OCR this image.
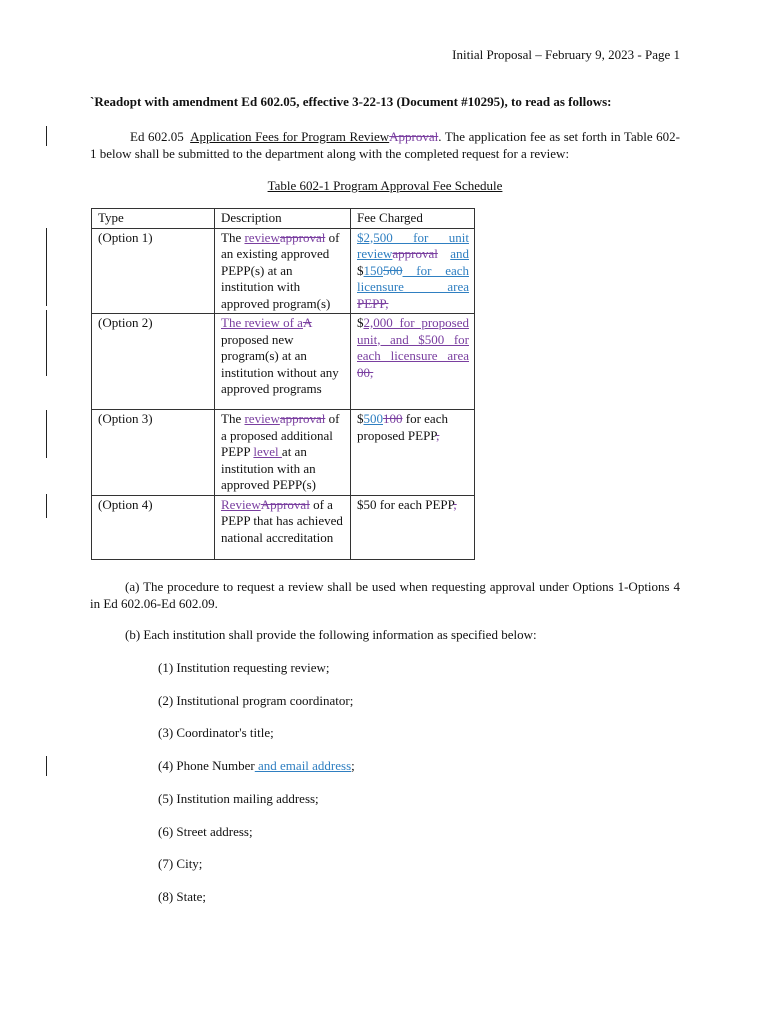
Initial Proposal – February 9, 2023 - Page 1
`Readopt with amendment Ed 602.05, effective 3-22-13 (Document #10295), to read as follows:
Ed 602.05 Application Fees for Program ReviewApproval. The application fee as set forth in Table 602-1 below shall be submitted to the department along with the completed request for a review:
Table 602-1 Program Approval Fee Schedule
Type	Description	Fee Charged
(Option 1)	The reviewapproval of an existing approved PEPP(s) at an institution with approved program(s)	$2,500 for unit reviewapproval and $150500 for each licensure area
PEPP,
(Option 2)	The review of aA proposed new program(s) at an institution without any approved programs	$2,000 for proposed unit, and $500 for each licensure area
00,
(Option 3)	The reviewapproval of a proposed additional PEPP level at an institution with an approved PEPP(s)	$500100 for each proposed PEPP,
(Option 4)	ReviewApproval of a PEPP that has achieved national accreditation	$50 for each PEPP,
(a) The procedure to request a review shall be used when requesting approval under Options 1-Options 4 in Ed 602.06-Ed 602.09.
(b) Each institution shall provide the following information as specified below:
(1) Institution requesting review;
(2) Institutional program coordinator;
(3) Coordinator's title;
(4) Phone Number and email address;
(5) Institution mailing address;
(6) Street address;
(7) City;
(8) State;
